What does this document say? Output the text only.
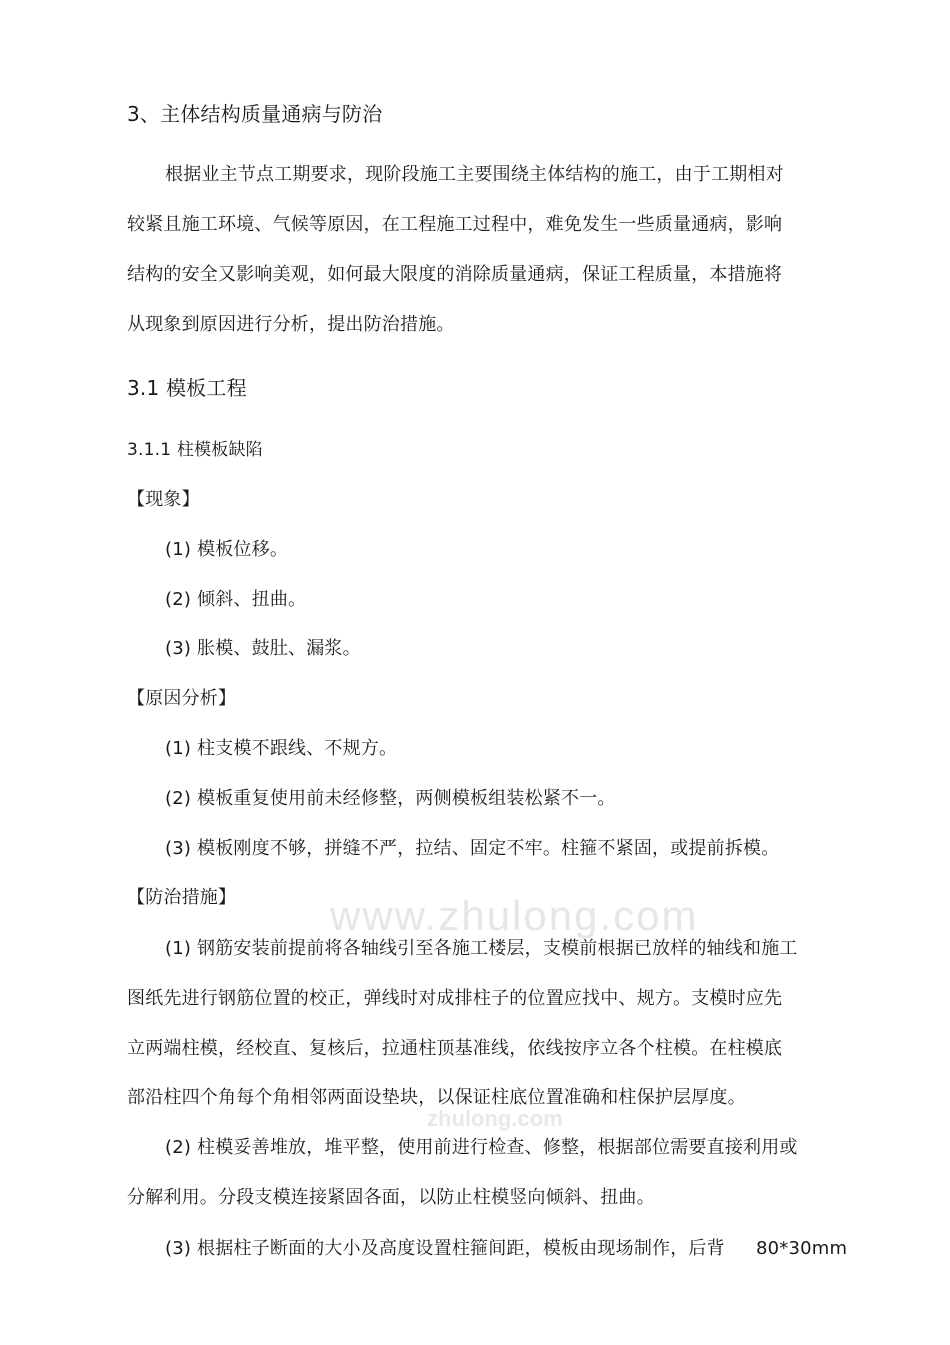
3、主体结构质量通病与防治
根据业主节点工期要求，现阶段施工主要围绕主体结构的施工，由于工期相对
较紧且施工环境、气候等原因，在工程施工过程中，难免发生一些质量通病，影响
结构的安全又影响美观，如何最大限度的消除质量通病，保证工程质量，本措施将
从现象到原因进行分析，提出防治措施。
3.1 模板工程
3.1.1 柱模板缺陷
【现象】
(1) 模板位移。
(2) 倾斜、扭曲。
(3) 胀模、鼓肚、漏浆。
【原因分析】
(1) 柱支模不跟线、不规方。
(2) 模板重复使用前未经修整，两侧模板组装松紧不一。
(3) 模板刚度不够，拼缝不严，拉结、固定不牢。柱箍不紧固，或提前拆模。
【防治措施】 www.zhulong.com
(1) 钢筋安装前提前将各轴线引至各施工楼层，支模前根据已放样的轴线和施工
图纸先进行钢筋位置的校正，弹线时对成排柱子的位置应找中、规方。支模时应先
立两端柱模，经校直、复核后，拉通柱顶基准线，依线按序立各个柱模。在柱模底
部沿柱四个角每个角相邻两面设垫块，以保证柱底位置准确和柱保护层厚度。
zhulong.com
(2) 柱模妥善堆放，堆平整，使用前进行检查、修整，根据部位需要直接利用或
分解利用。分段支模连接紧固各面，以防止柱模竖向倾斜、扭曲。
(3) 根据柱子断面的大小及高度设置柱箍间距，模板由现场制作，后背 80*30mm
